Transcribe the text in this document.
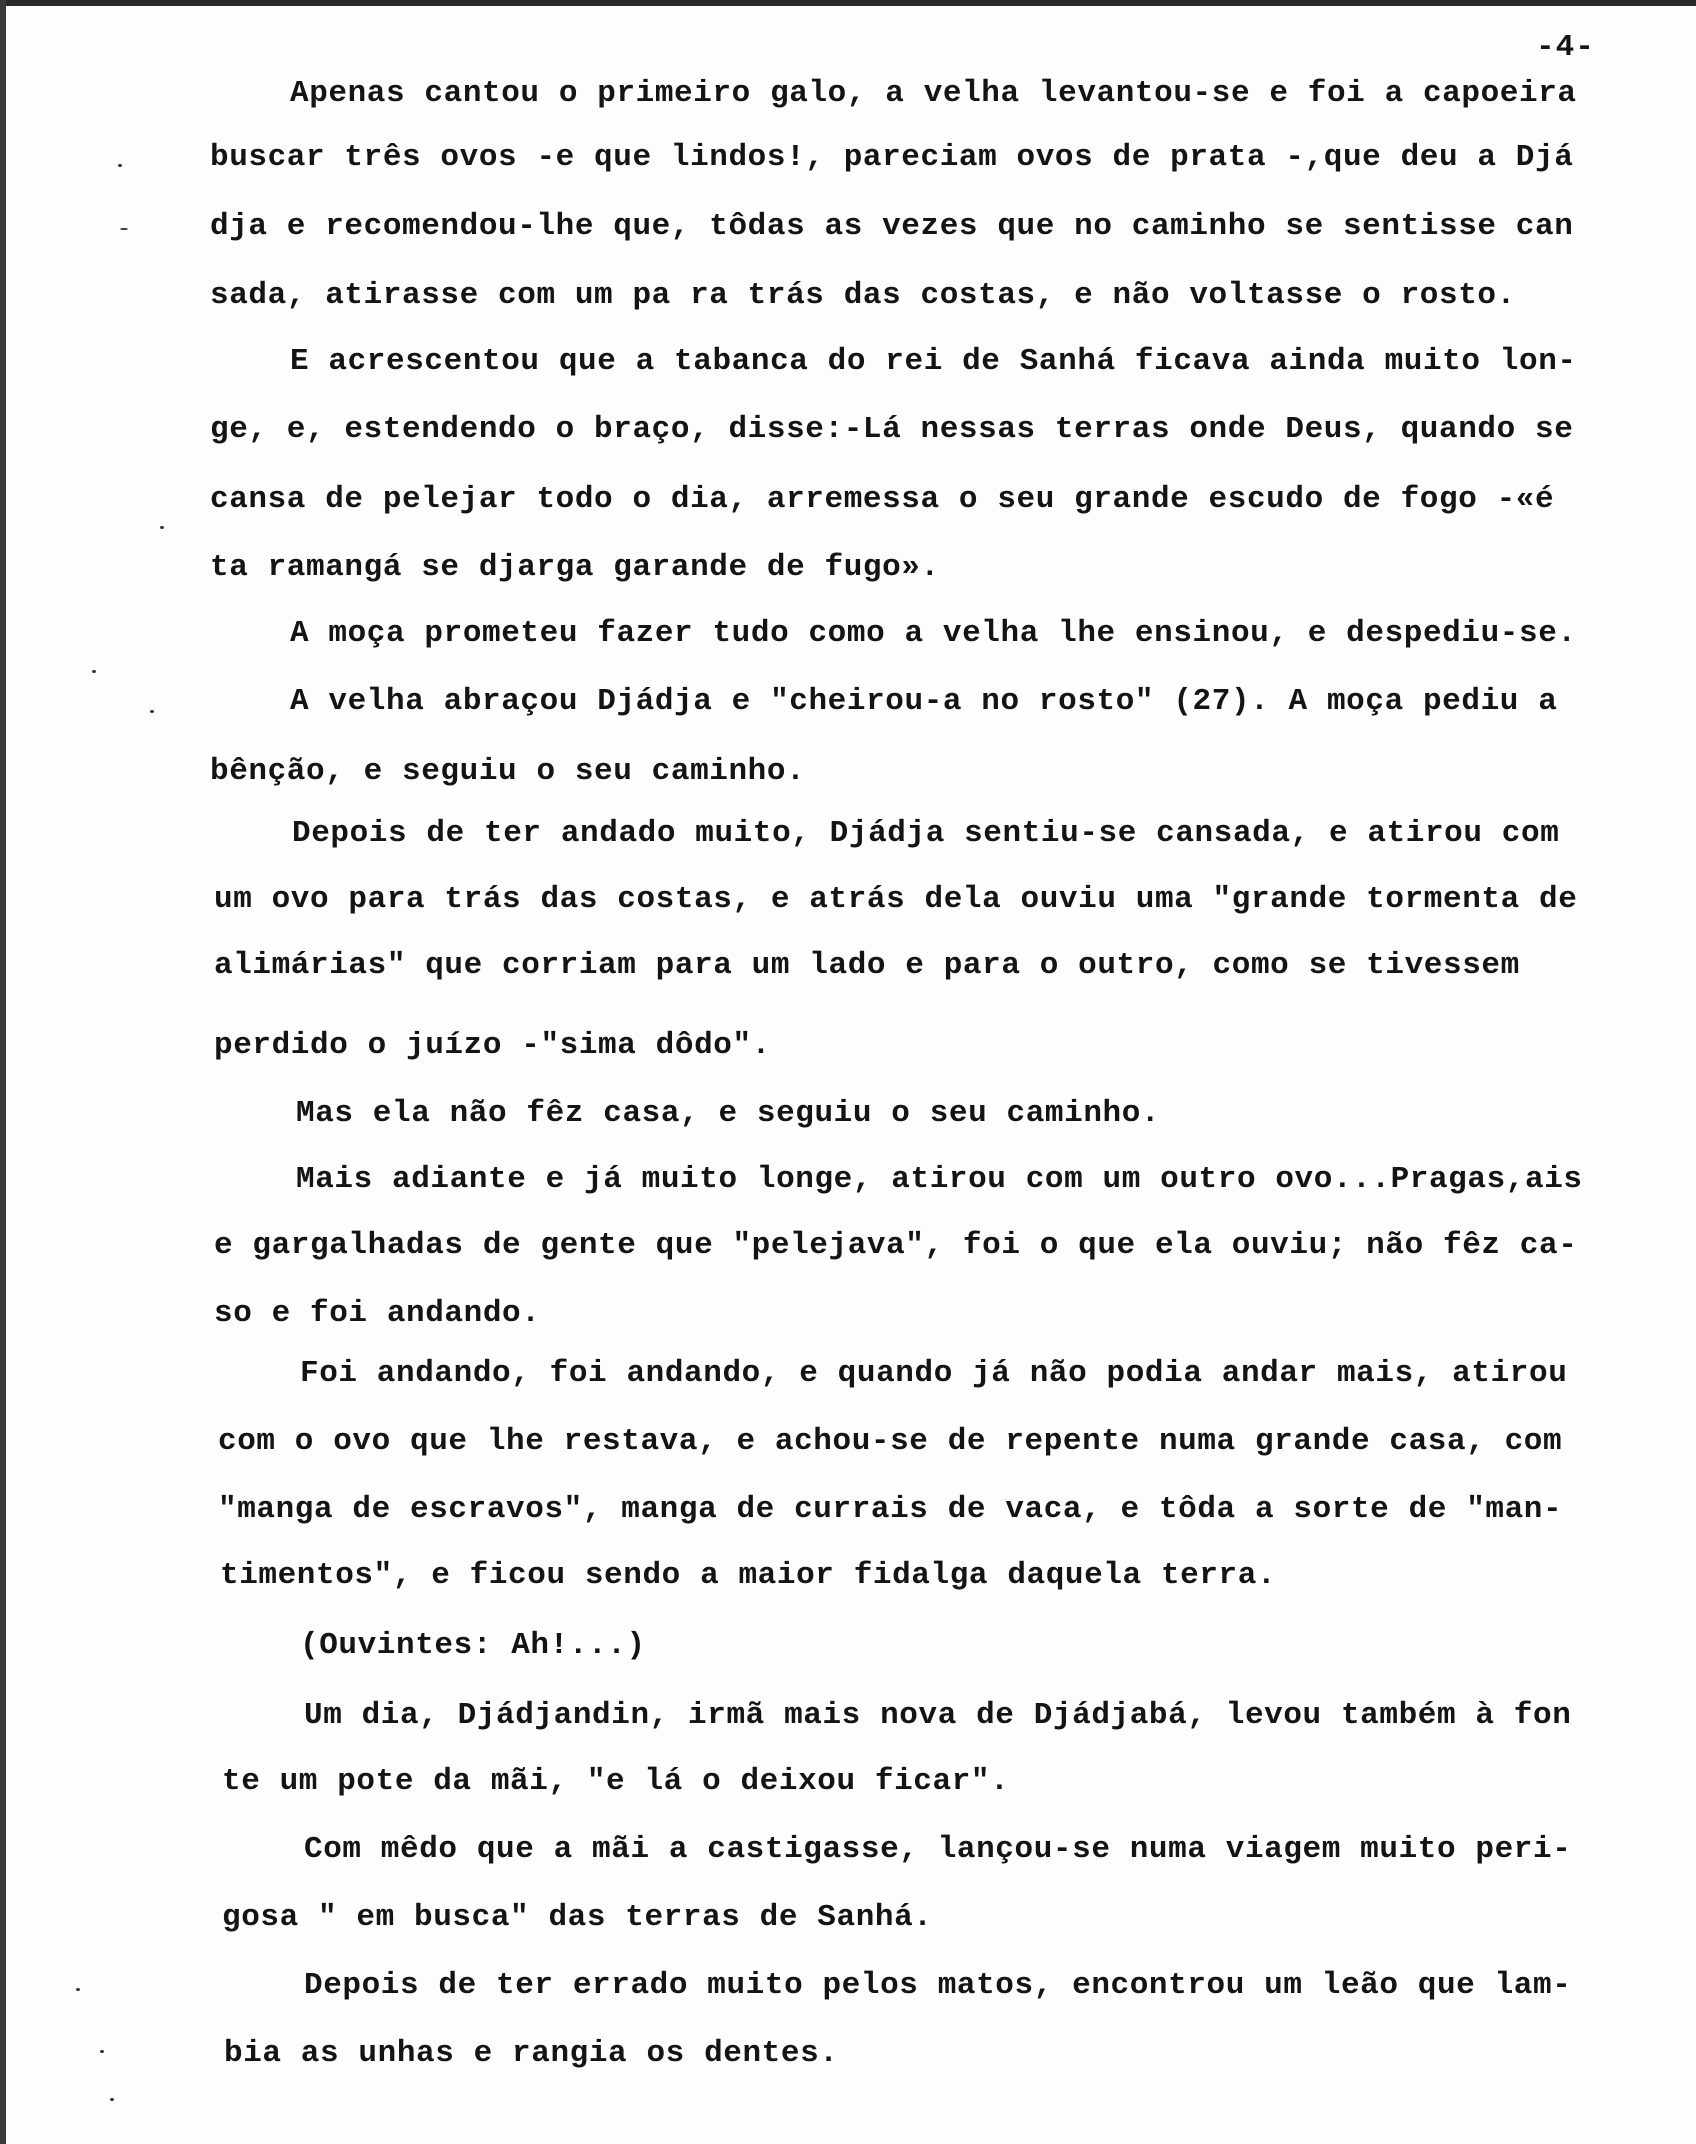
-4-
Apenas cantou o primeiro galo, a velha levantou-se e foi a capoeira
buscar três ovos -e que lindos!, pareciam ovos de prata -,que deu a Djá
dja e recomendou-lhe que, tôdas as vezes que no caminho se sentisse can
sada, atirasse com um pa ra trás das costas, e não voltasse o rosto.
E acrescentou que a tabanca do rei de Sanhá ficava ainda muito lon-
ge, e, estendendo o braço, disse:-Lá nessas terras onde Deus, quando se
cansa de pelejar todo o dia, arremessa o seu grande escudo de fogo -«é
ta ramangá se djarga garande de fugo».
A moça prometeu fazer tudo como a velha lhe ensinou, e despediu-se.
A velha abraçou Djádja e "cheirou-a no rosto" (27). A moça pediu a
bênção, e seguiu o seu caminho.
Depois de ter andado muito, Djádja sentiu-se cansada, e atirou com
um ovo para trás das costas, e atrás dela ouviu uma "grande tormenta de
alimárias" que corriam para um lado e para o outro, como se tivessem
perdido o juízo -"sima dôdo".
Mas ela não fêz casa, e seguiu o seu caminho.
Mais adiante e já muito longe, atirou com um outro ovo...Pragas,ais
e gargalhadas de gente que "pelejava", foi o que ela ouviu; não fêz ca-
so e foi andando.
Foi andando, foi andando, e quando já não podia andar mais, atirou
com o ovo que lhe restava, e achou-se de repente numa grande casa, com
"manga de escravos", manga de currais de vaca, e tôda a sorte de "man-
timentos", e ficou sendo a maior fidalga daquela terra.
(Ouvintes: Ah!...)
Um dia, Djádjandin, irmã mais nova de Djádjabá, levou também à fon
te um pote da mãi, "e lá o deixou ficar".
Com mêdo que a mãi a castigasse, lançou-se numa viagem muito peri-
gosa " em busca" das terras de Sanhá.
Depois de ter errado muito pelos matos, encontrou um leão que lam-
bia as unhas e rangia os dentes.
